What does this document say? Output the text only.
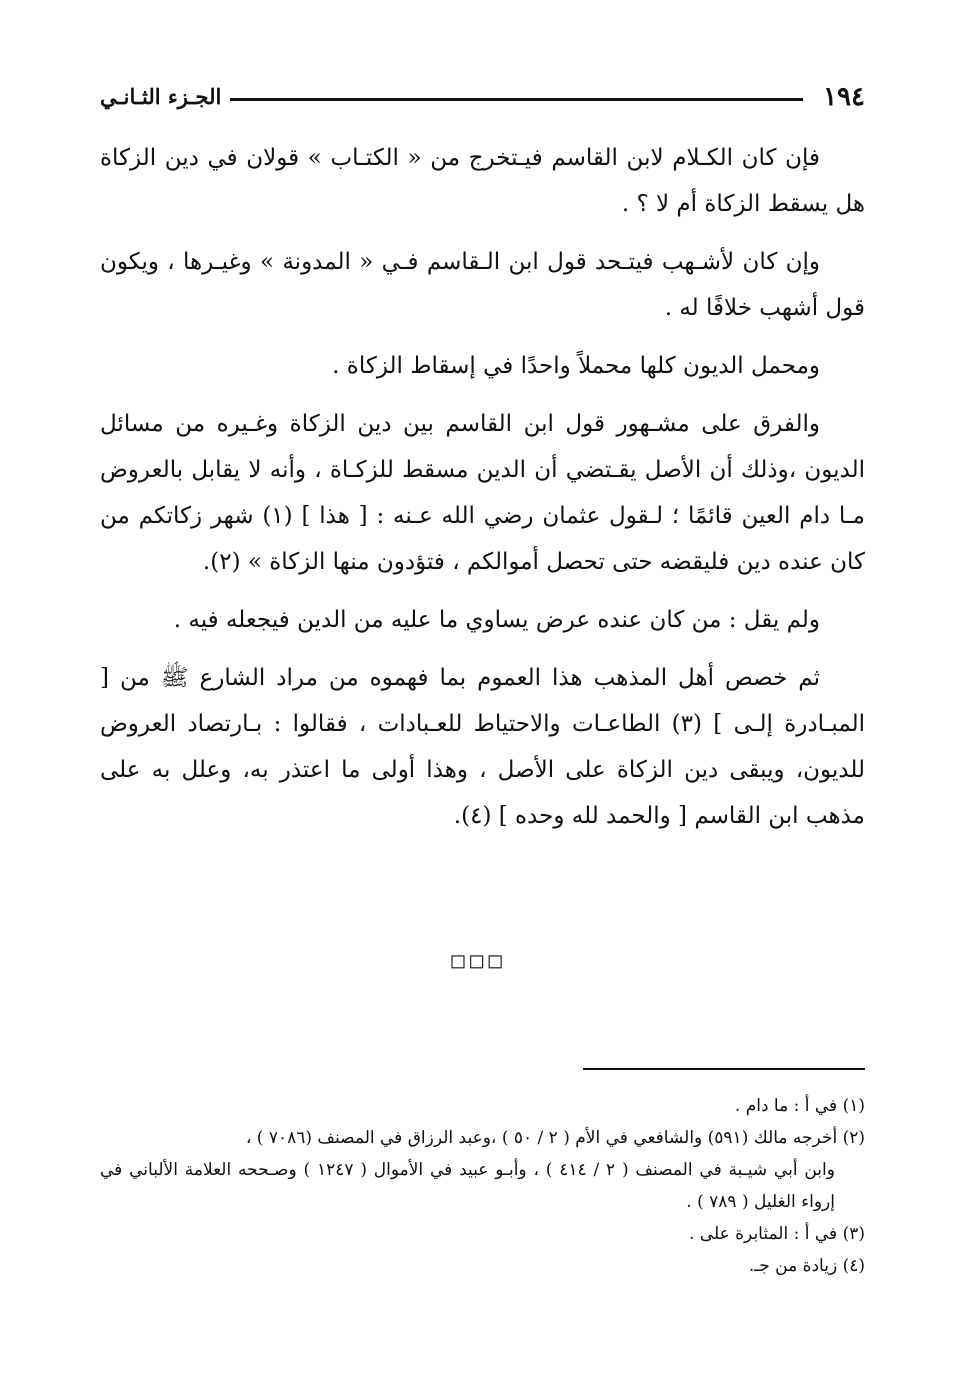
١٩٤
الجـزء الثـانـي

فإن كان الكـلام لابن القاسم فيـتخرج من « الكتـاب » قولان في دين الزكاة هل يسقط الزكاة أم لا ؟ .

وإن كان لأشـهب فيتـحد قول ابن الـقاسم فـي « المدونة » وغيـرها ، ويكون قول أشهب خلافًا له .

ومحمل الديون كلها محملاً واحدًا في إسقاط الزكاة .

والفرق على مشـهور قول ابن القاسم بين دين الزكاة وغـيره من مسائل الديون ،وذلك أن الأصل يقـتضي أن الدين مسقط للزكـاة ، وأنه لا يقابل بالعروض مـا دام العين قائمًا ؛ لـقول عثمان رضي الله عـنه : [ هذا ] (١) شهر زكاتكم من كان عنده دين فليقضه حتى تحصل أموالكم ، فتؤدون منها الزكاة » (٢).

ولم يقل : من كان عنده عرض يساوي ما عليه من الدين فيجعله فيه .

ثم خصص أهل المذهب هذا العموم بما فهموه من مراد الشارع ﷺ من [ المبـادرة إلـى ] (٣) الطاعـات والاحتياط للعـبادات ، فقالوا : بـارتصاد العروض للديون، ويبقى دين الزكاة على الأصل ، وهذا أولى ما اعتذر به، وعلل به على مذهب ابن القاسم [ والحمد لله وحده ] (٤).

◻◻◻

(١) في أ : ما دام .

(٢) أخرجه مالك (٥٩١) والشافعي في الأم ( ٢ / ٥٠ ) ،وعبد الرزاق في المصنف (٧٠٨٦ ) ،

وابن أبي شيـبة في المصنف ( ٢ / ٤١٤ ) ، وأبـو عبيد في الأموال ( ١٢٤٧ ) وصـححه العلامة الألباني في إرواء الغليل ( ٧٨٩ ) .

(٣) في أ : المثابرة على .

(٤) زيادة من جـ.
